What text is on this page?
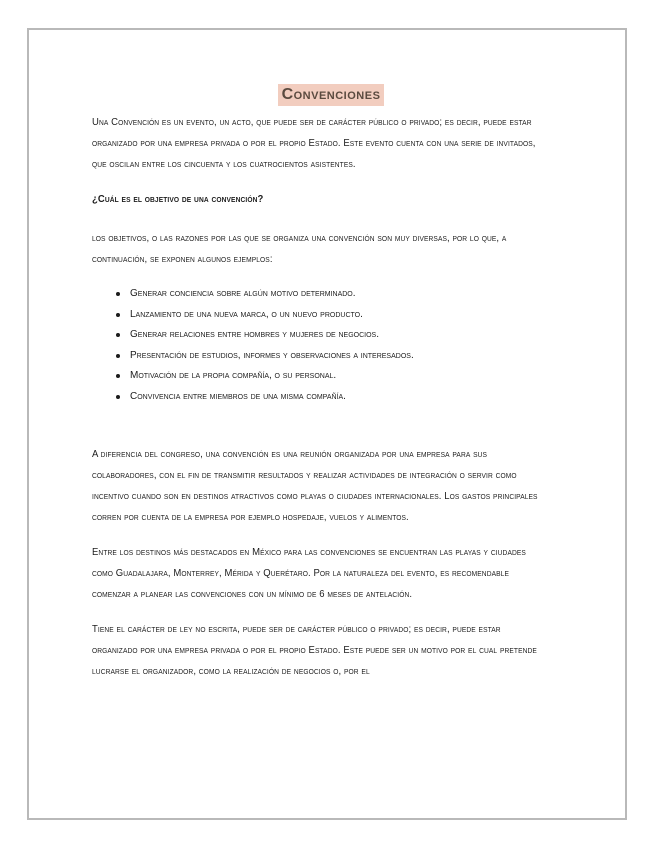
Convenciones

Una Convención es un evento, un acto, que puede ser de carácter público o privado; es decir, puede estar organizado por una empresa privada o por el propio Estado. Este evento cuenta con una serie de invitados, que oscilan entre los cincuenta y los cuatrocientos asistentes.

¿Cuál es el objetivo de una convención?

los objetivos, o las razones por las que se organiza una convención son muy diversas, por lo que, a continuación, se exponen algunos ejemplos:

Generar conciencia sobre algún motivo determinado.
Lanzamiento de una nueva marca, o un nuevo producto.
Generar relaciones entre hombres y mujeres de negocios.
Presentación de estudios, informes y observaciones a interesados.
Motivación de la propia compañía, o su personal.
Convivencia entre miembros de una misma compañía.

A diferencia del congreso, una convención es una reunión organizada por una empresa para sus colaboradores, con el fin de transmitir resultados y realizar actividades de integración o servir como incentivo cuando son en destinos atractivos como playas o ciudades internacionales. Los gastos principales corren por cuenta de la empresa por ejemplo hospedaje, vuelos y alimentos.

Entre los destinos más destacados en México para las convenciones se encuentran las playas y ciudades como Guadalajara, Monterrey, Mérida y Querétaro. Por la naturaleza del evento, es recomendable comenzar a planear las convenciones con un mínimo de 6 meses de antelación.

Tiene el carácter de ley no escrita, puede ser de carácter público o privado; es decir, puede estar organizado por una empresa privada o por el propio Estado. Este puede ser un motivo por el cual pretende lucrarse el organizador, como la realización de negocios o, por el
